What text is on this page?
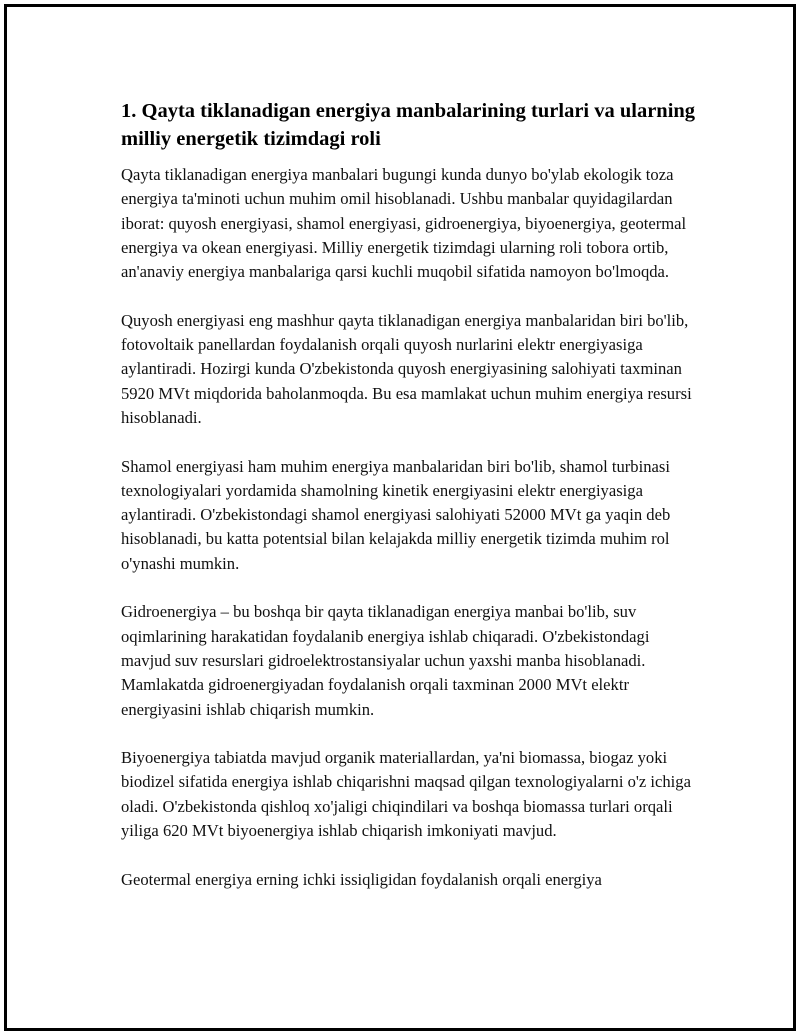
1. Qayta tiklanadigan energiya manbalarining turlari va ularning milliy energetik tizimdagi roli

Qayta tiklanadigan energiya manbalari bugungi kunda dunyo bo'ylab ekologik toza energiya ta'minoti uchun muhim omil hisoblanadi. Ushbu manbalar quyidagilardan iborat: quyosh energiyasi, shamol energiyasi, gidroenergiya, biyoenergiya, geotermal energiya va okean energiyasi. Milliy energetik tizimdagi ularning roli tobora ortib, an'anaviy energiya manbalariga qarsi kuchli muqobil sifatida namoyon bo'lmoqda.

Quyosh energiyasi eng mashhur qayta tiklanadigan energiya manbalaridan biri bo'lib, fotovoltaik panellardan foydalanish orqali quyosh nurlarini elektr energiyasiga aylantiradi. Hozirgi kunda O'zbekistonda quyosh energiyasining salohiyati taxminan 5920 MVt miqdorida baholanmoqda. Bu esa mamlakat uchun muhim energiya resursi hisoblanadi.

Shamol energiyasi ham muhim energiya manbalaridan biri bo'lib, shamol turbinasi texnologiyalari yordamida shamolning kinetik energiyasini elektr energiyasiga aylantiradi. O'zbekistondagi shamol energiyasi salohiyati 52000 MVt ga yaqin deb hisoblanadi, bu katta potentsial bilan kelajakda milliy energetik tizimda muhim rol o'ynashi mumkin.

Gidroenergiya – bu boshqa bir qayta tiklanadigan energiya manbai bo'lib, suv oqimlarining harakatidan foydalanib energiya ishlab chiqaradi. O'zbekistondagi mavjud suv resurslari gidroelektrostansiyalar uchun yaxshi manba hisoblanadi. Mamlakatda gidroenergiyadan foydalanish orqali taxminan 2000 MVt elektr energiyasini ishlab chiqarish mumkin.

Biyoenergiya tabiatda mavjud organik materiallardan, ya'ni biomassa, biogaz yoki biodizel sifatida energiya ishlab chiqarishni maqsad qilgan texnologiyalarni o'z ichiga oladi. O'zbekistonda qishloq xo'jaligi chiqindilari va boshqa biomassa turlari orqali yiliga 620 MVt biyoenergiya ishlab chiqarish imkoniyati mavjud.

Geotermal energiya erning ichki issiqligidan foydalanish orqali energiya
